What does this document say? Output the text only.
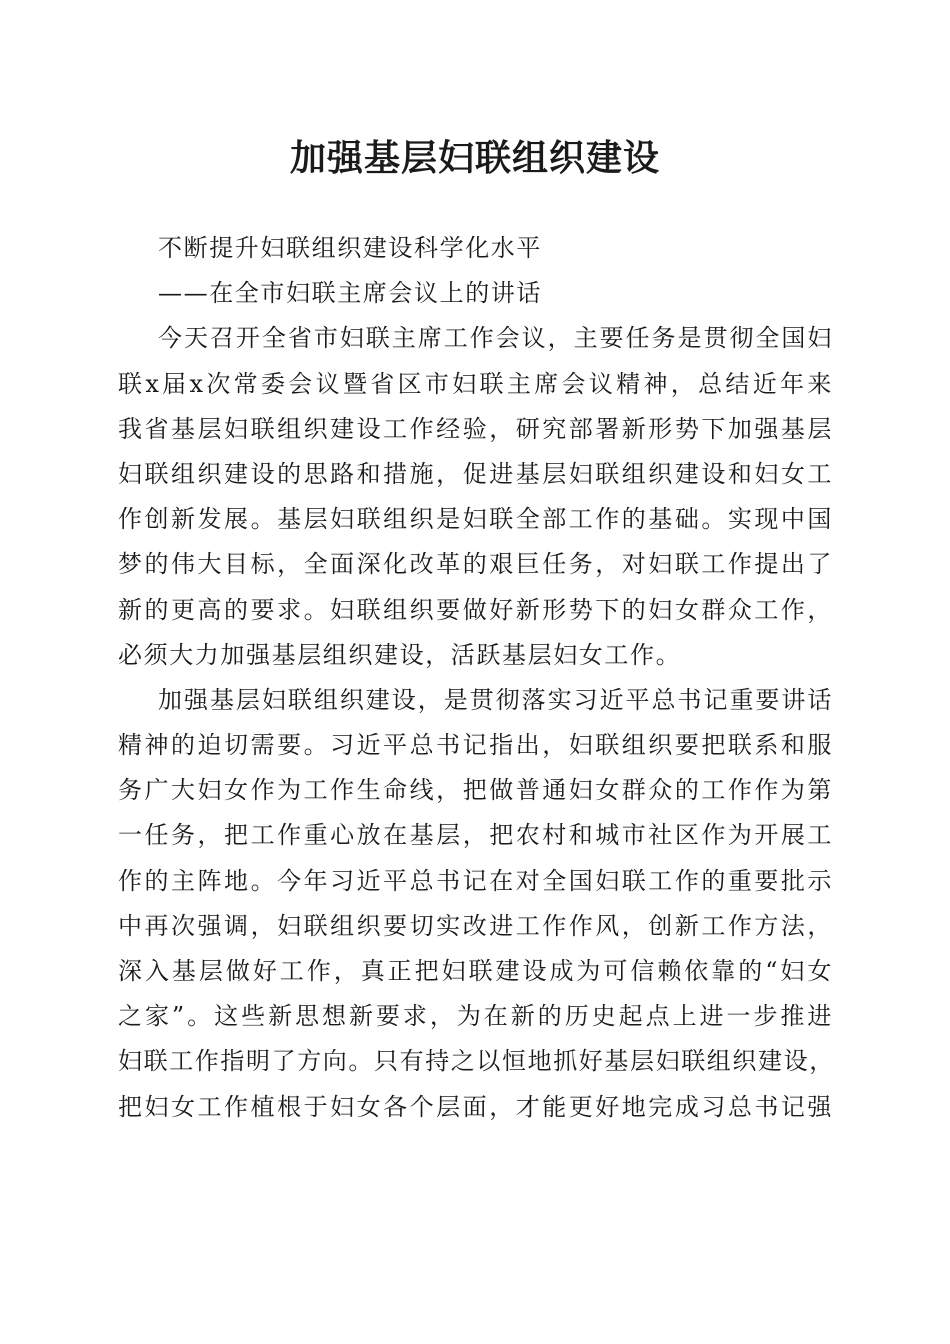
加强基层妇联组织建设

不断提升妇联组织建设科学化水平

——在全市妇联主席会议上的讲话

今天召开全省市妇联主席工作会议，主要任务是贯彻全国妇

联x届x次常委会议暨省区市妇联主席会议精神，总结近年来

我省基层妇联组织建设工作经验，研究部署新形势下加强基层

妇联组织建设的思路和措施，促进基层妇联组织建设和妇女工

作创新发展。基层妇联组织是妇联全部工作的基础。实现中国

梦的伟大目标，全面深化改革的艰巨任务，对妇联工作提出了

新的更高的要求。妇联组织要做好新形势下的妇女群众工作，

必须大力加强基层组织建设，活跃基层妇女工作。

加强基层妇联组织建设，是贯彻落实习近平总书记重要讲话

精神的迫切需要。习近平总书记指出，妇联组织要把联系和服

务广大妇女作为工作生命线，把做普通妇女群众的工作作为第

一任务，把工作重心放在基层，把农村和城市社区作为开展工

作的主阵地。今年习近平总书记在对全国妇联工作的重要批示

中再次强调，妇联组织要切实改进工作作风，创新工作方法，

深入基层做好工作，真正把妇联建设成为可信赖依靠的“妇女

之家”。这些新思想新要求，为在新的历史起点上进一步推进

妇联工作指明了方向。只有持之以恒地抓好基层妇联组织建设，

把妇女工作植根于妇女各个层面，才能更好地完成习总书记强
